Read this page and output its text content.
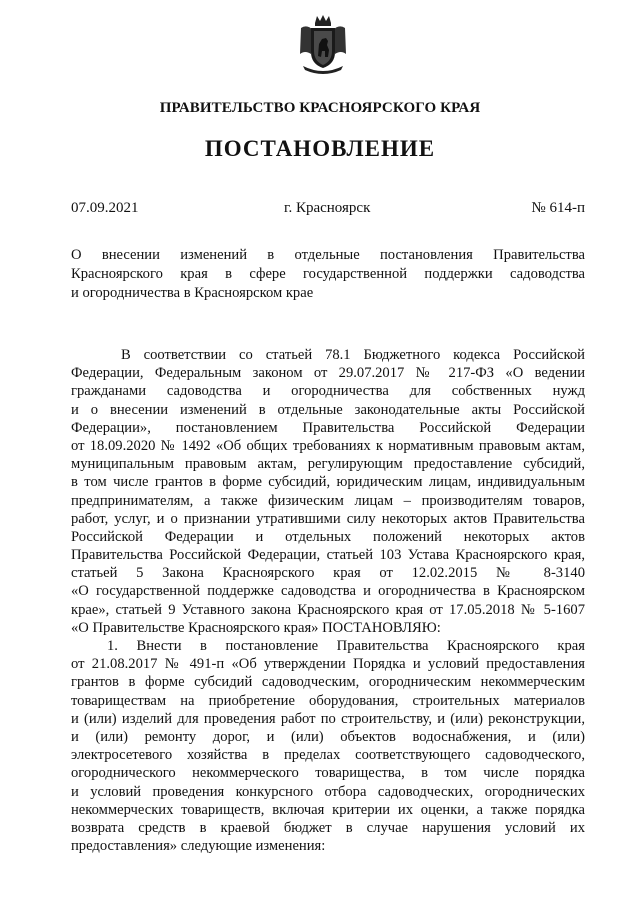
ПРАВИТЕЛЬСТВО КРАСНОЯРСКОГО КРАЯ
ПОСТАНОВЛЕНИЕ
07.09.2021	г. Красноярск	№ 614-п
О внесении изменений в отдельные постановления Правительства
Красноярского края в сфере государственной поддержки садоводства
и огородничества в Красноярском крае
В соответствии со статьей 78.1 Бюджетного кодекса Российской
Федерации, Федеральным законом от 29.07.2017 № 217-ФЗ «О ведении
гражданами садоводства и огородничества для собственных нужд
и о внесении изменений в отдельные законодательные акты Российской
Федерации», постановлением Правительства Российской Федерации
от 18.09.2020 № 1492 «Об общих требованиях к нормативным правовым актам,
муниципальным правовым актам, регулирующим предоставление субсидий,
в том числе грантов в форме субсидий, юридическим лицам, индивидуальным
предпринимателям, а также физическим лицам – производителям товаров,
работ, услуг, и о признании утратившими силу некоторых актов Правительства
Российской Федерации и отдельных положений некоторых актов
Правительства Российской Федерации, статьей 103 Устава Красноярского края,
статьей 5 Закона Красноярского края от 12.02.2015 № 8-3140
«О государственной поддержке садоводства и огородничества в Красноярском
крае», статьей 9 Уставного закона Красноярского края от 17.05.2018 № 5-1607
«О Правительстве Красноярского края» ПОСТАНОВЛЯЮ:
1. Внести в постановление Правительства Красноярского края
от 21.08.2017 № 491-п «Об утверждении Порядка и условий предоставления
грантов в форме субсидий садоводческим, огородническим некоммерческим
товариществам на приобретение оборудования, строительных материалов
и (или) изделий для проведения работ по строительству, и (или) реконструкции,
и (или) ремонту дорог, и (или) объектов водоснабжения, и (или)
электросетевого хозяйства в пределах соответствующего садоводческого,
огороднического некоммерческого товарищества, в том числе порядка
и условий проведения конкурсного отбора садоводческих, огороднических
некоммерческих товариществ, включая критерии их оценки, а также порядка
возврата средств в краевой бюджет в случае нарушения условий их
предоставления» следующие изменения:
